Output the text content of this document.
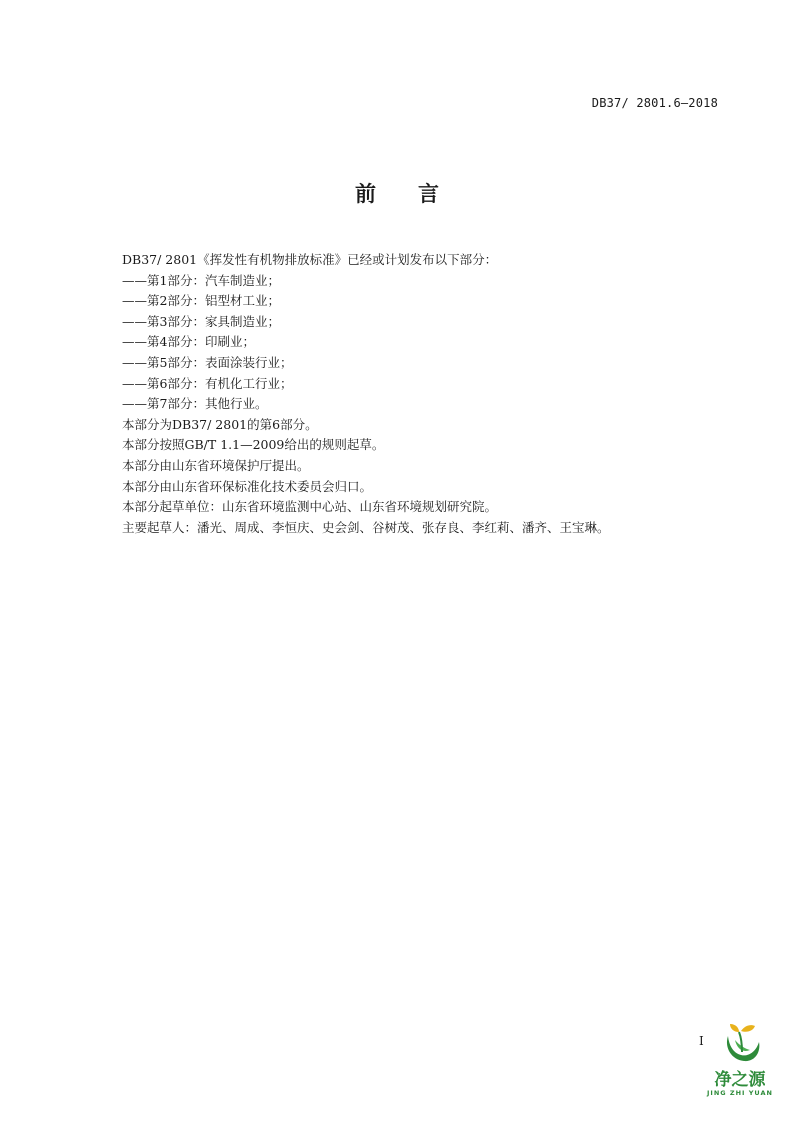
DB37/ 2801.6—2018
前 言

DB37/ 2801《挥发性有机物排放标准》已经或计划发布以下部分：

——第1部分：汽车制造业；

——第2部分：铝型材工业；

——第3部分：家具制造业；

——第4部分：印刷业；

——第5部分：表面涂装行业；

——第6部分：有机化工行业；

——第7部分：其他行业。

本部分为DB37/ 2801的第6部分。

本部分按照GB/T 1.1—2009给出的规则起草。

本部分由山东省环境保护厅提出。

本部分由山东省环保标准化技术委员会归口。

本部分起草单位：山东省环境监测中心站、山东省环境规划研究院。

主要起草人：潘光、周成、李恒庆、史会剑、谷树茂、张存良、李红莉、潘齐、王宝琳。

I
净之源
JING ZHI YUAN
